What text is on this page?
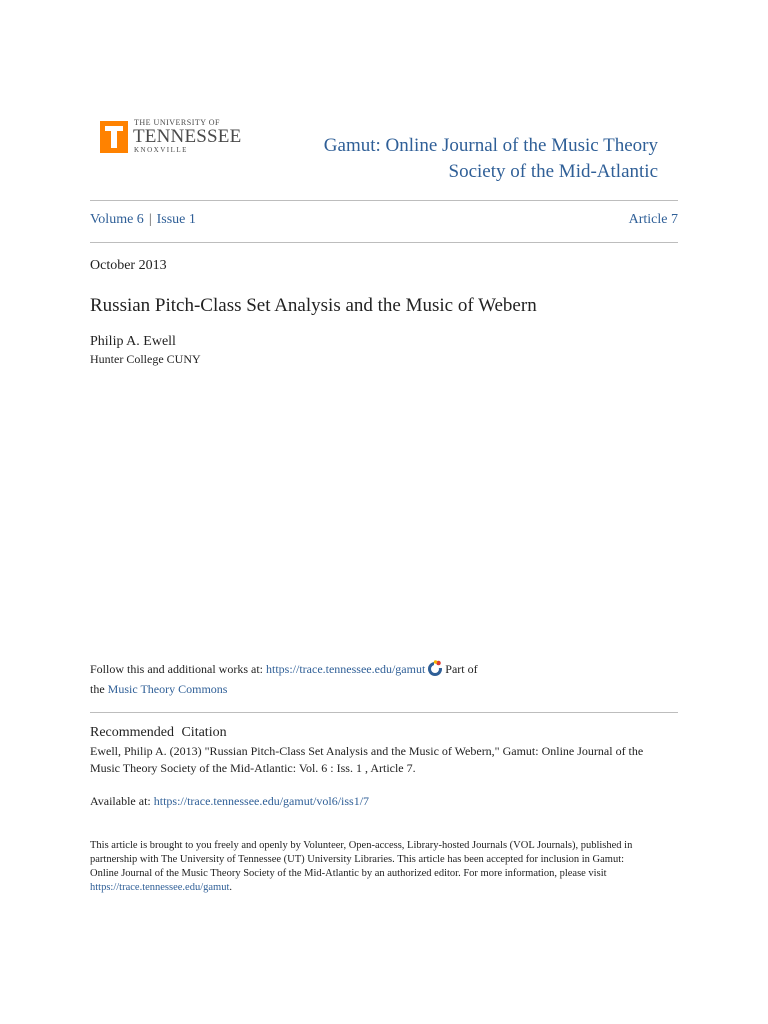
THE UNIVERSITY OF
TENNESSEE
KNOXVILLE	Gamut: Online Journal of the Music Theory
Society of the Mid-Atlantic
Volume 6 | Issue 1	Article 7
October 2013
Russian Pitch-Class Set Analysis and the Music of Webern
Philip A. Ewell
Hunter College CUNY
Follow this and additional works at: https://trace.tennessee.edu/gamut Part of
the Music Theory Commons
Recommended Citation
Ewell, Philip A. (2013) "Russian Pitch-Class Set Analysis and the Music of Webern," Gamut: Online Journal of the
Music Theory Society of the Mid-Atlantic: Vol. 6 : Iss. 1 , Article 7.
Available at: https://trace.tennessee.edu/gamut/vol6/iss1/7
This article is brought to you freely and openly by Volunteer, Open-access, Library-hosted Journals (VOL Journals), published in
partnership with The University of Tennessee (UT) University Libraries. This article has been accepted for inclusion in Gamut:
Online Journal of the Music Theory Society of the Mid-Atlantic by an authorized editor. For more information, please visit
https://trace.tennessee.edu/gamut.
